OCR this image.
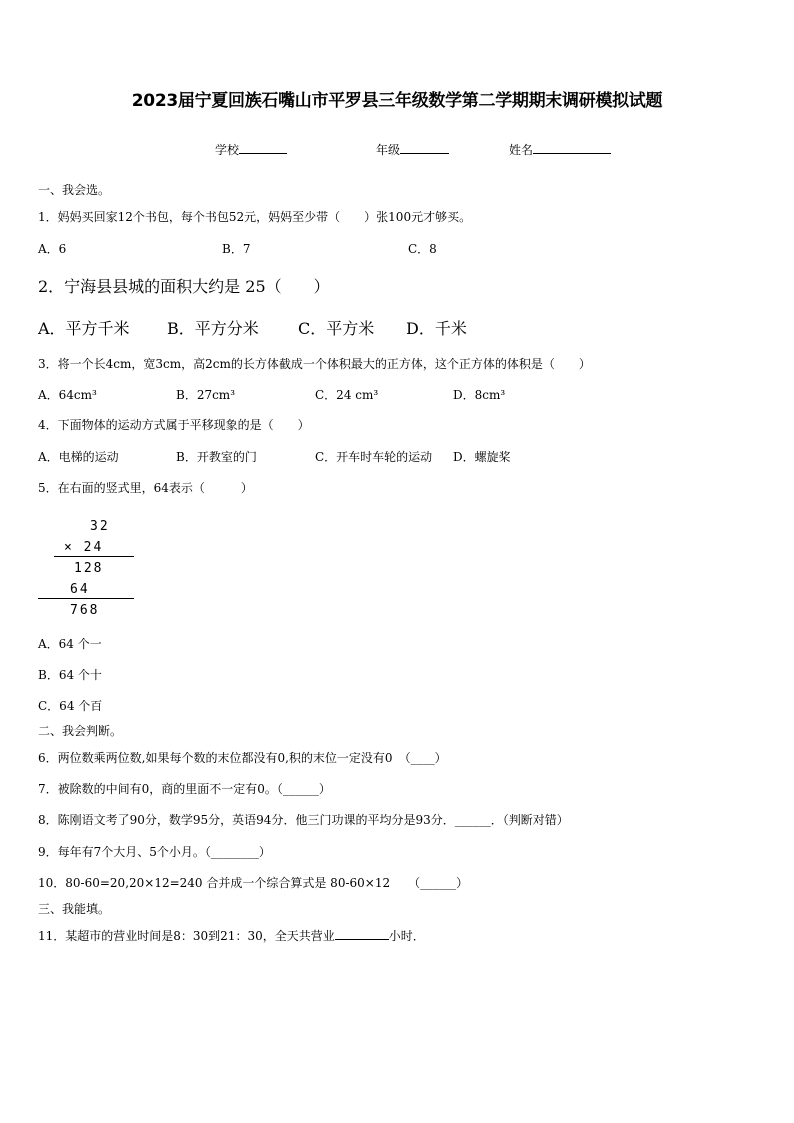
2023届宁夏回族石嘴山市平罗县三年级数学第二学期期末调研模拟试题
学校	年级	姓名
一、我会选。
1．妈妈买回家12个书包，每个书包52元，妈妈至少带（　　）张100元才够买。
A．6	B．7	C．8
2．宁海县县城的面积大约是 25（　　）
A．平方千米 B．平方分米 C．平方米 D．千米
3．将一个长4cm，宽3cm，高2cm的长方体截成一个体积最大的正方体，这个正方体的体积是（　　）
A．64cm³	B．27cm³	C．24 cm³	D．8cm³
4．下面物体的运动方式属于平移现象的是（　　）
A．电梯的运动	B．开教室的门	C．开车时车轮的运动 D．螺旋桨
5．在右面的竖式里，64表示（　　　）
32
× 24
128
64
768
A．64 个一
B．64 个十
C．64 个百
二、我会判断。
6．两位数乘两位数,如果每个数的末位都没有0,积的末位一定没有0　 （____）
7．被除数的中间有0，商的里面不一定有0。（______）
8．陈刚语文考了90分，数学95分，英语94分．他三门功课的平均分是93分．______．（判断对错）
9．每年有7个大月、5个小月。（________）
10．80-60=20,20×12=240 合并成一个综合算式是 80-60×12　　 （______）
三、我能填。
11．某超市的营业时间是8：30到21：30，全天共营业	小时．
